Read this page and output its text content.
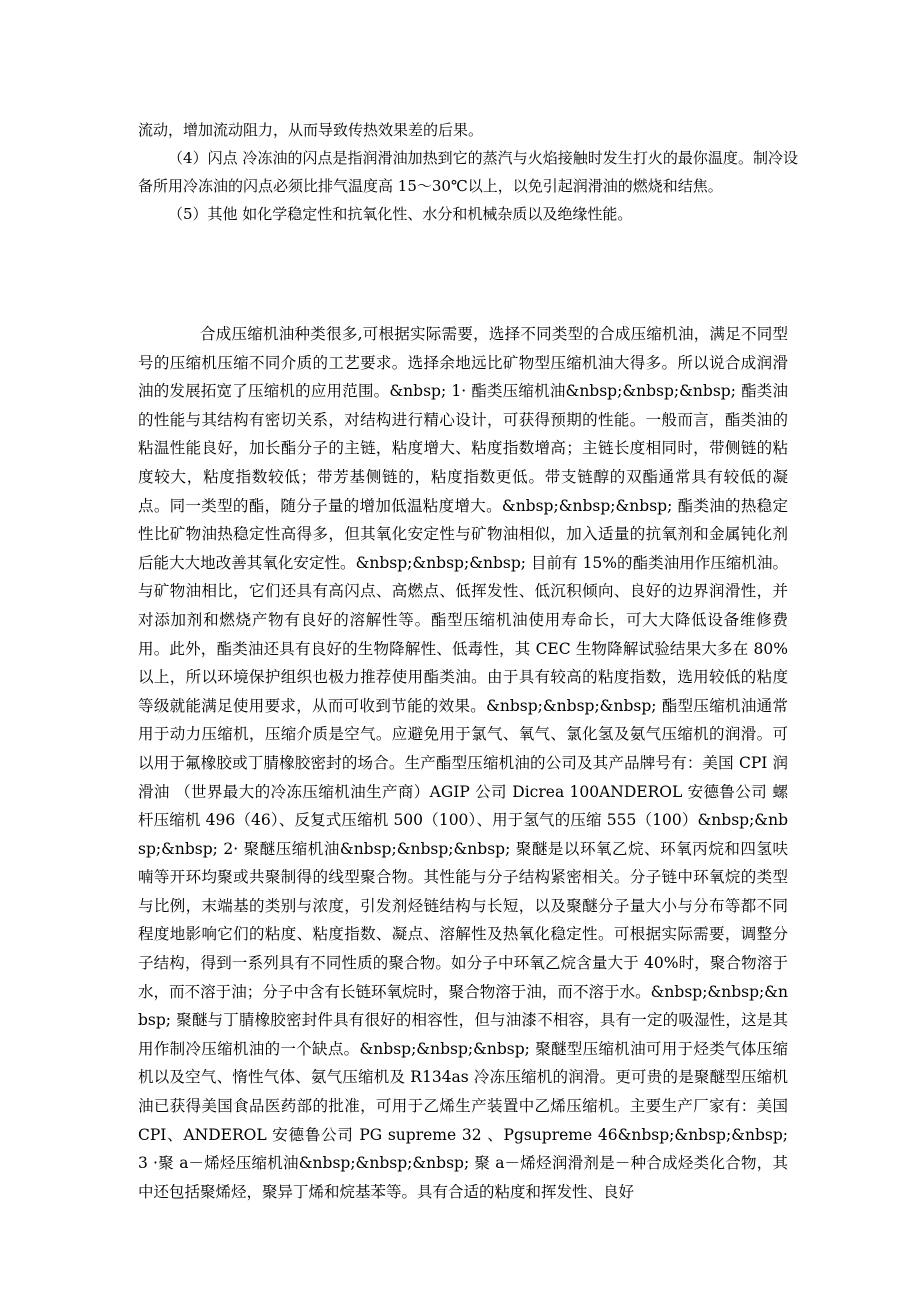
流动，增加流动阻力，从而导致传热效果差的后果。

（4）闪点 冷冻油的闪点是指润滑油加热到它的蒸汽与火焰接触时发生打火的最你温度。制冷设备所用冷冻油的闪点必须比排气温度高 15～30℃以上，以免引起润滑油的燃烧和结焦。

（5）其他 如化学稳定性和抗氧化性、水分和机械杂质以及绝缘性能。

合成压缩机油种类很多,可根据实际需要，选择不同类型的合成压缩机油，满足不同型号的压缩机压缩不同介质的工艺要求。选择余地远比矿物型压缩机油大得多。所以说合成润滑油的发展拓宽了压缩机的应用范围。&nbsp; 1· 酯类压缩机油&nbsp;&nbsp;&nbsp; 酯类油的性能与其结构有密切关系，对结构进行精心设计，可获得预期的性能。一般而言，酯类油的粘温性能良好，加长酯分子的主链，粘度增大、粘度指数增高；主链长度相同时，带侧链的粘度较大，粘度指数较低；带芳基侧链的，粘度指数更低。带支链醇的双酯通常具有较低的凝点。同一类型的酯，随分子量的增加低温粘度增大。&nbsp;&nbsp;&nbsp; 酯类油的热稳定性比矿物油热稳定性高得多，但其氧化安定性与矿物油相似，加入适量的抗氧剂和金属钝化剂后能大大地改善其氧化安定性。&nbsp;&nbsp;&nbsp; 目前有 15%的酯类油用作压缩机油。与矿物油相比，它们还具有高闪点、高燃点、低挥发性、低沉积倾向、良好的边界润滑性，并对添加剂和燃烧产物有良好的溶解性等。酯型压缩机油使用寿命长，可大大降低设备维修费用。此外，酯类油还具有良好的生物降解性、低毒性，其 CEC 生物降解试验结果大多在 80%以上，所以环境保护组织也极力推荐使用酯类油。由于具有较高的粘度指数，选用较低的粘度等级就能满足使用要求，从而可收到节能的效果。&nbsp;&nbsp;&nbsp; 酯型压缩机油通常用于动力压缩机，压缩介质是空气。应避免用于氯气、氧气、氯化氢及氨气压缩机的润滑。可以用于氟橡胶或丁腈橡胶密封的场合。生产酯型压缩机油的公司及其产品牌号有：美国 CPI 润滑油 （世界最大的冷冻压缩机油生产商）AGIP 公司 Dicrea 100ANDEROL 安德鲁公司 螺杆压缩机 496（46）、反复式压缩机 500（100）、用于氢气的压缩 555（100）&nbsp;&nbsp;&nbsp; 2· 聚醚压缩机油&nbsp;&nbsp;&nbsp; 聚醚是以环氧乙烷、环氧丙烷和四氢呋喃等开环均聚或共聚制得的线型聚合物。其性能与分子结构紧密相关。分子链中环氧烷的类型与比例，末端基的类别与浓度，引发剂烃链结构与长短，以及聚醚分子量大小与分布等都不同程度地影响它们的粘度、粘度指数、凝点、溶解性及热氧化稳定性。可根据实际需要，调整分子结构，得到一系列具有不同性质的聚合物。如分子中环氧乙烷含量大于 40%时，聚合物溶于水，而不溶于油；分子中含有长链环氧烷时，聚合物溶于油，而不溶于水。&nbsp;&nbsp;&nbsp; 聚醚与丁腈橡胶密封件具有很好的相容性，但与油漆不相容，具有一定的吸湿性，这是其用作制冷压缩机油的一个缺点。&nbsp;&nbsp;&nbsp; 聚醚型压缩机油可用于烃类气体压缩机以及空气、惰性气体、氨气压缩机及 R134as 冷冻压缩机的润滑。更可贵的是聚醚型压缩机油已获得美国食品医药部的批准，可用于乙烯生产装置中乙烯压缩机。主要生产厂家有：美国 CPI、ANDEROL 安德鲁公司 PG supreme 32 、Pgsupreme 46&nbsp;&nbsp;&nbsp; 3 ·聚 a－烯烃压缩机油&nbsp;&nbsp;&nbsp; 聚 a－烯烃润滑剂是－种合成烃类化合物，其中还包括聚烯烃，聚异丁烯和烷基苯等。具有合适的粘度和挥发性、良好
